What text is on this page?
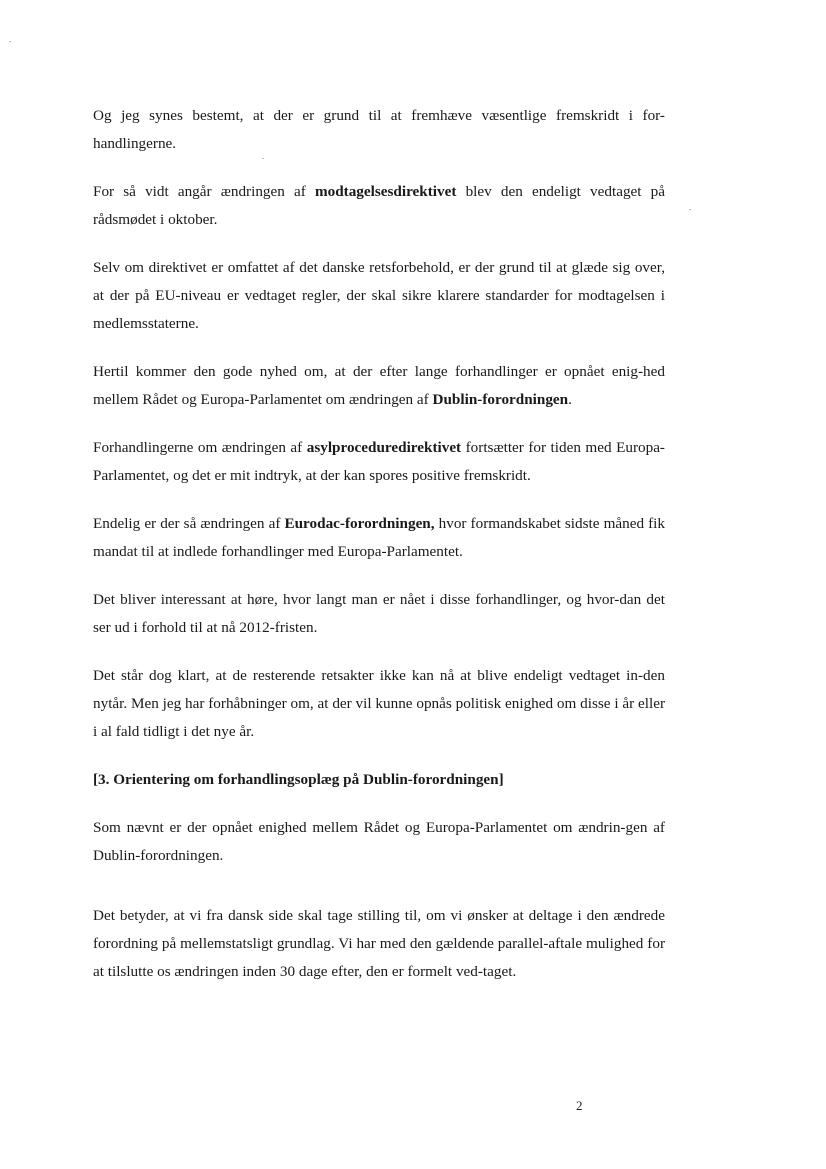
Og jeg synes bestemt, at der er grund til at fremhæve væsentlige fremskridt i for-handlingerne.

For så vidt angår ændringen af modtagelsesdirektivet blev den endeligt vedtaget på rådsmødet i oktober.

Selv om direktivet er omfattet af det danske retsforbehold, er der grund til at glæde sig over, at der på EU-niveau er vedtaget regler, der skal sikre klarere standarder for modtagelsen i medlemsstaterne.

Hertil kommer den gode nyhed om, at der efter lange forhandlinger er opnået enig-hed mellem Rådet og Europa-Parlamentet om ændringen af Dublin-forordningen.

Forhandlingerne om ændringen af asylproceduredirektivet fortsætter for tiden med Europa-Parlamentet, og det er mit indtryk, at der kan spores positive fremskridt.

Endelig er der så ændringen af Eurodac-forordningen, hvor formandskabet sidste måned fik mandat til at indlede forhandlinger med Europa-Parlamentet.

Det bliver interessant at høre, hvor langt man er nået i disse forhandlinger, og hvor-dan det ser ud i forhold til at nå 2012-fristen.

Det står dog klart, at de resterende retsakter ikke kan nå at blive endeligt vedtaget in-den nytår. Men jeg har forhåbninger om, at der vil kunne opnås politisk enighed om disse i år eller i al fald tidligt i det nye år.

[3. Orientering om forhandlingsoplæg på Dublin-forordningen]

Som nævnt er der opnået enighed mellem Rådet og Europa-Parlamentet om ændrin-gen af Dublin-forordningen.

Det betyder, at vi fra dansk side skal tage stilling til, om vi ønsker at deltage i den ændrede forordning på mellemstatsligt grundlag. Vi har med den gældende parallel-aftale mulighed for at tilslutte os ændringen inden 30 dage efter, den er formelt ved-taget.

2
